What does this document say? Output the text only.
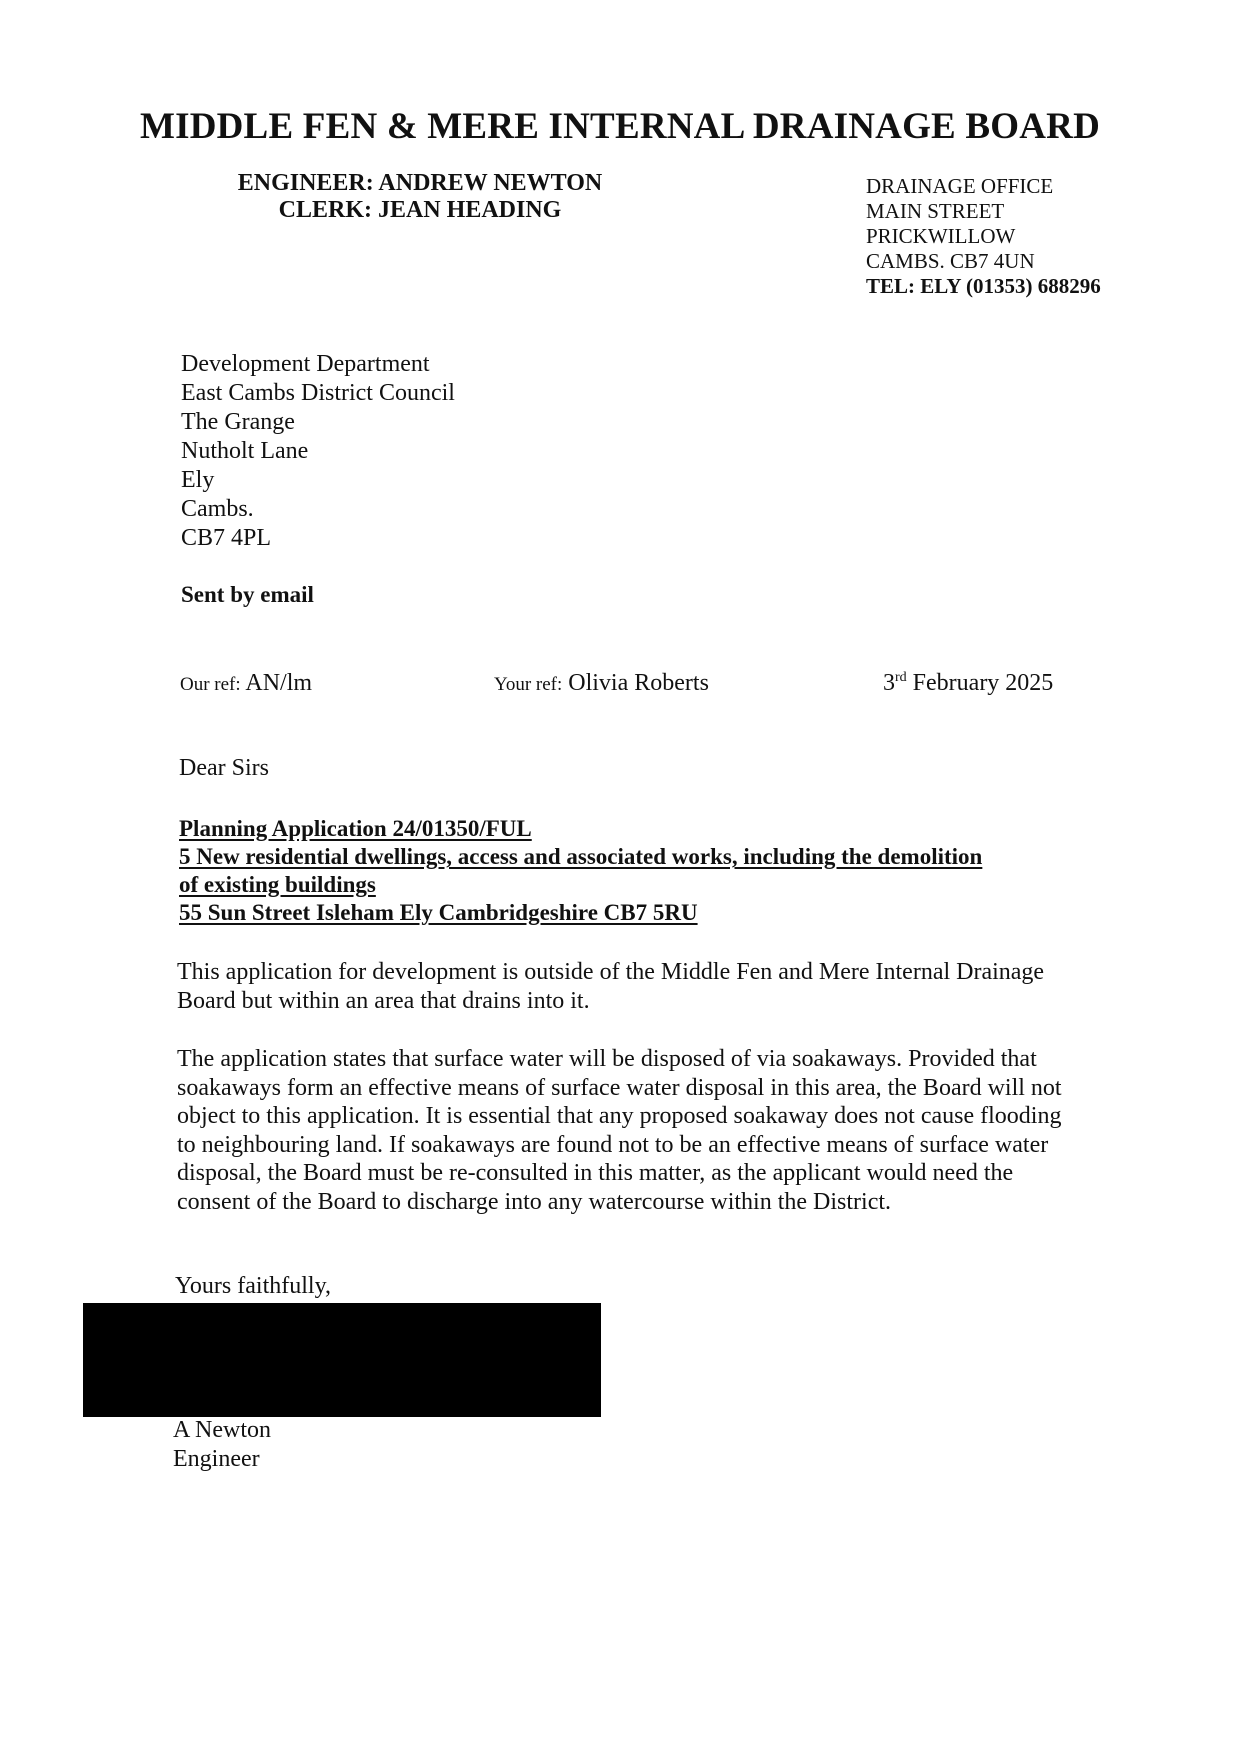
MIDDLE FEN & MERE INTERNAL DRAINAGE BOARD
ENGINEER: ANDREW NEWTON
CLERK: JEAN HEADING
DRAINAGE OFFICE
MAIN STREET
PRICKWILLOW
CAMBS. CB7 4UN
TEL: ELY (01353) 688296
Development Department
East Cambs District Council
The Grange
Nutholt Lane
Ely
Cambs.
CB7 4PL
Sent by email
Our ref: AN/lm	Your ref: Olivia Roberts	3rd February 2025
Dear Sirs
Planning Application 24/01350/FUL
5 New residential dwellings, access and associated works, including the demolition
of existing buildings
55 Sun Street Isleham Ely Cambridgeshire CB7 5RU
This application for development is outside of the Middle Fen and Mere Internal Drainage Board but within an area that drains into it.
The application states that surface water will be disposed of via soakaways. Provided that soakaways form an effective means of surface water disposal in this area, the Board will not object to this application. It is essential that any proposed soakaway does not cause flooding to neighbouring land. If soakaways are found not to be an effective means of surface water disposal, the Board must be re-consulted in this matter, as the applicant would need the consent of the Board to discharge into any watercourse within the District.
Yours faithfully,
A Newton
Engineer
